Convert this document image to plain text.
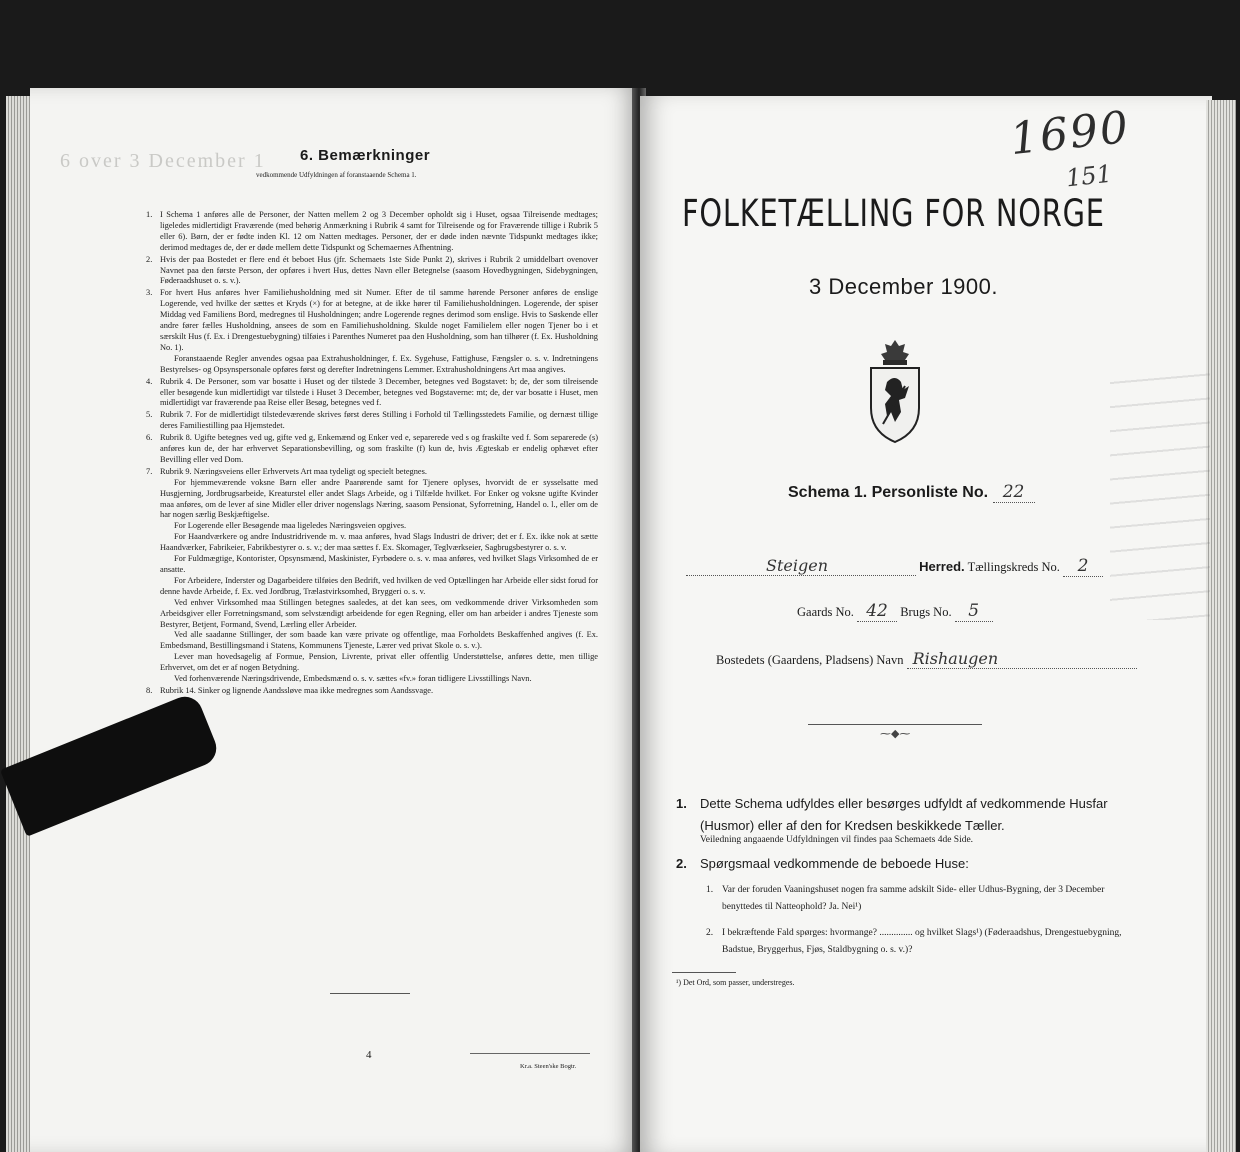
6 over 3 December 1 6. Bemærkninger
vedkommende Udfyldningen af foranstaaende Schema 1.
1. I Schema 1 anføres alle de Personer, der Natten mellem 2 og 3 December opholdt sig i Huset, ogsaa Tilreisende medtages; ligeledes midlertidigt Fraværende (med behørig Anmærkning i Rubrik 4 samt for Tilreisende og for Fraværende tillige i Rubrik 5 eller 6). Børn, der er fødte inden Kl. 12 om Natten medtages. Personer, der er døde inden nævnte Tidspunkt medtages ikke; derimod medtages de, der er døde mellem dette Tidspunkt og Schemaernes Afhentning.
2. Hvis der paa Bostedet er flere end ét beboet Hus (jfr. Schemaets 1ste Side Punkt 2), skrives i Rubrik 2 umiddelbart ovenover Navnet paa den første Person, der opføres i hvert Hus, dettes Navn eller Betegnelse (saasom Hovedbygningen, Sidebygningen, Føderaadshuset o. s. v.).
3. For hvert Hus anføres hver Familiehusholdning med sit Numer. Efter de til samme hørende Personer anføres de enslige Logerende, ved hvilke der sættes et Kryds (×) for at betegne, at de ikke hører til Familiehusholdningen. Logerende, der spiser Middag ved Familiens Bord, medregnes til Husholdningen; andre Logerende regnes derimod som enslige. Hvis to Søskende eller andre fører fælles Husholdning, ansees de som en Familiehusholdning. Skulde noget Familielem eller nogen Tjener bo i et særskilt Hus (f. Ex. i Drengestuebygning) tilføies i Parenthes Numeret paa den Husholdning, som han tilhører (f. Ex. Husholdning No. 1).
Foranstaaende Regler anvendes ogsaa paa Extrahusholdninger, f. Ex. Sygehuse, Fattighuse, Fængsler o. s. v. Indretningens Bestyrelses- og Opsynspersonale opføres først og derefter Indretningens Lemmer. Extrahusholdningens Art maa angives.
4. Rubrik 4. De Personer, som var bosatte i Huset og der tilstede 3 December, betegnes ved Bogstavet: b; de, der som tilreisende eller besøgende kun midlertidigt var tilstede i Huset 3 December, betegnes ved Bogstaverne: mt; de, der var bosatte i Huset, men midlertidigt var fraværende paa Reise eller Besøg, betegnes ved f.
5. Rubrik 7. For de midlertidigt tilstedeværende skrives først deres Stilling i Forhold til Tællingsstedets Familie, og dernæst tillige deres Familiestilling paa Hjemstedet.
6. Rubrik 8. Ugifte betegnes ved ug, gifte ved g, Enkemænd og Enker ved e, separerede ved s og fraskilte ved f. Som separerede (s) anføres kun de, der har erhvervet Separationsbevilling, og som fraskilte (f) kun de, hvis Ægteskab er endelig ophævet efter Bevilling eller ved Dom.
7. Rubrik 9. Næringsveiens eller Erhvervets Art maa tydeligt og specielt betegnes.
For hjemmeværende voksne Børn eller andre Paarørende samt for Tjenere oplyses, hvorvidt de er sysselsatte med Husgjerning, Jordbrugsarbeide, Kreaturstel eller andet Slags Arbeide, og i Tilfælde hvilket. For Enker og voksne ugifte Kvinder maa anføres, om de lever af sine Midler eller driver nogenslags Næring, saasom Pensionat, Syforretning, Handel o. l., eller om de har nogen særlig Beskjæftigelse.
For Logerende eller Besøgende maa ligeledes Næringsveien opgives.
For Haandværkere og andre Industridrivende m. v. maa anføres, hvad Slags Industri de driver; det er f. Ex. ikke nok at sætte Haandværker, Fabrikeier, Fabrikbestyrer o. s. v.; der maa sættes f. Ex. Skomager, Teglværkseier, Sagbrugsbestyrer o. s. v.
For Fuldmægtige, Kontorister, Opsynsmænd, Maskinister, Fyrbødere o. s. v. maa anføres, ved hvilket Slags Virksomhed de er ansatte.
For Arbeidere, Inderster og Dagarbeidere tilføies den Bedrift, ved hvilken de ved Optællingen har Arbeide eller sidst forud for denne havde Arbeide, f. Ex. ved Jordbrug, Trælastvirksomhed, Bryggeri o. s. v.
Ved enhver Virksomhed maa Stillingen betegnes saaledes, at det kan sees, om vedkommende driver Virksomheden som Arbeidsgiver eller Forretningsmand, som selvstændigt arbeidende for egen Regning, eller om han arbeider i andres Tjeneste som Bestyrer, Betjent, Formand, Svend, Lærling eller Arbeider.
Ved alle saadanne Stillinger, der som baade kan være private og offentlige, maa Forholdets Beskaffenhed angives (f. Ex. Embedsmand, Bestillingsmand i Statens, Kommunens Tjeneste, Lærer ved privat Skole o. s. v.).
Lever man hovedsagelig af Formue, Pension, Livrente, privat eller offentlig Understøttelse, anføres dette, men tillige Erhvervet, om det er af nogen Betydning.
Ved forhenværende Næringsdrivende, Embedsmænd o. s. v. sættes «fv.» foran tidligere Livsstillings Navn.
8. Rubrik 14. Sinker og lignende Aandssløve maa ikke medregnes som Aandssvage.
4
Kr.a. Steen'ske Bogtr.
1690
151
FOLKETÆLLING FOR NORGE
3 December 1900.
Schema 1. Personliste No. 22
Steigen	Herred. Tællingskreds No. 2
Gaards No. 42 Brugs No. 5
Bostedets (Gaardens, Pladsens) Navn Rishaugen
⁓◆⁓
1. Dette Schema udfyldes eller besørges udfyldt af vedkommende Husfar (Husmor) eller af den for Kredsen beskikkede Tæller.
Veiledning angaaende Udfyldningen vil findes paa Schemaets 4de Side.
2. Spørgsmaal vedkommende de beboede Huse:
1. Var der foruden Vaaningshuset nogen fra samme adskilt Side- eller Udhus-Bygning, der 3 December benyttedes til Natteophold? Ja. Nei¹)
2. I bekræftende Fald spørges: hvormange? .............. og hvilket Slags¹) (Føderaadshus, Drengestuebygning, Badstue, Bryggerhus, Fjøs, Staldbygning o. s. v.)?
¹) Det Ord, som passer, understreges.
